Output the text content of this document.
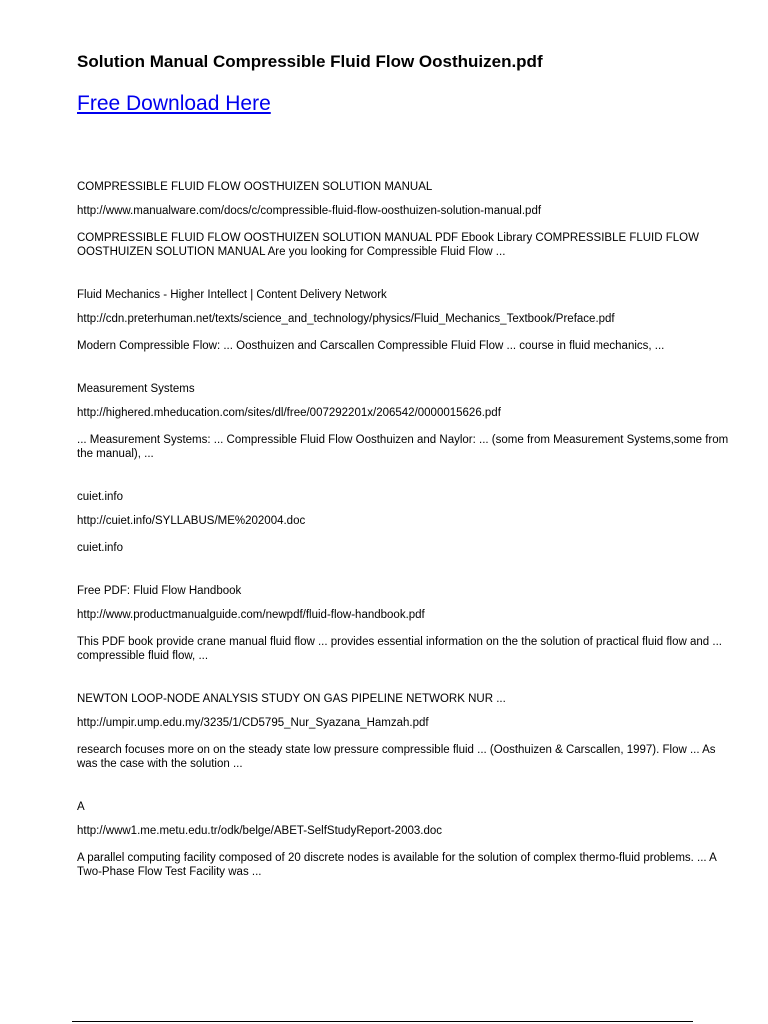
Solution Manual Compressible Fluid Flow Oosthuizen.pdf
Free Download Here

COMPRESSIBLE FLUID FLOW OOSTHUIZEN SOLUTION MANUAL

http://www.manualware.com/docs/c/compressible-fluid-flow-oosthuizen-solution-manual.pdf
COMPRESSIBLE FLUID FLOW OOSTHUIZEN SOLUTION MANUAL PDF Ebook Library COMPRESSIBLE FLUID FLOW OOSTHUIZEN SOLUTION MANUAL Are you looking for Compressible Fluid Flow ...

Fluid Mechanics - Higher Intellect | Content Delivery Network

http://cdn.preterhuman.net/texts/science_and_technology/physics/Fluid_Mechanics_Textbook/Preface.pdf
Modern Compressible Flow: ... Oosthuizen and Carscallen Compressible Fluid Flow ... course in fluid mechanics, ...

Measurement Systems

http://highered.mheducation.com/sites/dl/free/007292201x/206542/0000015626.pdf
... Measurement Systems: ... Compressible Fluid Flow Oosthuizen and Naylor: ... (some from Measurement Systems,some from the manual), ...

cuiet.info

http://cuiet.info/SYLLABUS/ME%202004.doc
cuiet.info

Free PDF: Fluid Flow Handbook

http://www.productmanualguide.com/newpdf/fluid-flow-handbook.pdf
This PDF book provide crane manual fluid flow ... provides essential information on the the solution of practical fluid flow and ... compressible fluid flow, ...

NEWTON LOOP-NODE ANALYSIS STUDY ON GAS PIPELINE NETWORK NUR ...

http://umpir.ump.edu.my/3235/1/CD5795_Nur_Syazana_Hamzah.pdf
research focuses more on on the steady state low pressure compressible fluid ... (Oosthuizen & Carscallen, 1997). Flow ... As was the case with the solution ...

A

http://www1.me.metu.edu.tr/odk/belge/ABET-SelfStudyReport-2003.doc
A parallel computing facility composed of 20 discrete nodes is available for the solution of complex thermo-fluid problems. ... A Two-Phase Flow Test Facility was ...
